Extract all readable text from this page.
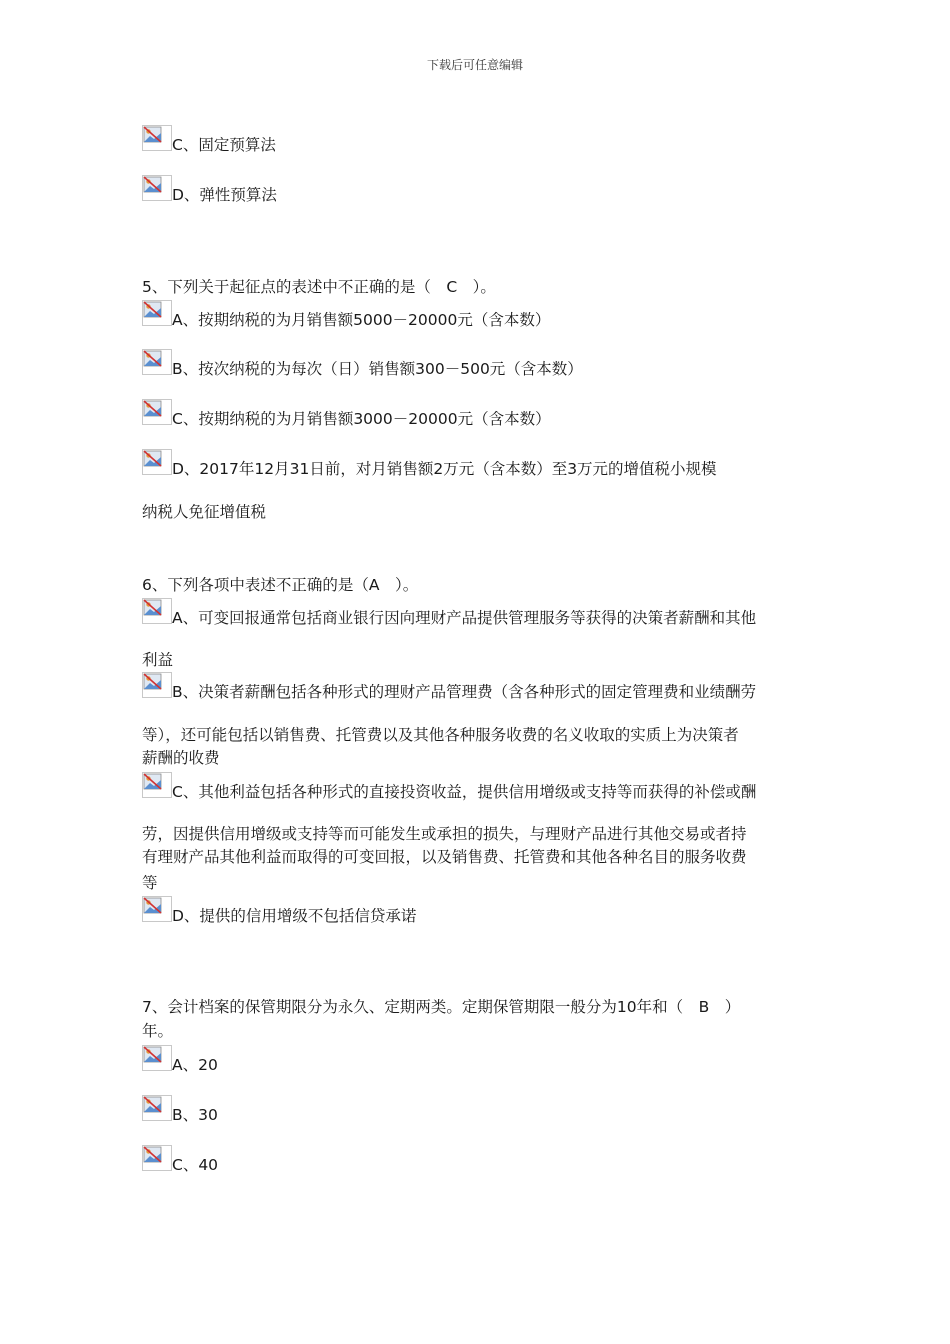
下载后可任意编辑
C、固定预算法
D、弹性预算法
5、下列关于起征点的表述中不正确的是（　C　）。
A、按期纳税的为月销售额5000－20000元（含本数）
B、按次纳税的为每次（日）销售额300－500元（含本数）
C、按期纳税的为月销售额3000－20000元（含本数）
D、2017年12月31日前，对月销售额2万元（含本数）至3万元的增值税小规模
纳税人免征增值税
6、下列各项中表述不正确的是（A　）。
A、可变回报通常包括商业银行因向理财产品提供管理服务等获得的决策者薪酬和其他
利益
B、决策者薪酬包括各种形式的理财产品管理费（含各种形式的固定管理费和业绩酬劳
等），还可能包括以销售费、托管费以及其他各种服务收费的名义收取的实质上为决策者
薪酬的收费
C、其他利益包括各种形式的直接投资收益，提供信用增级或支持等而获得的补偿或酬
劳，因提供信用增级或支持等而可能发生或承担的损失，与理财产品进行其他交易或者持
有理财产品其他利益而取得的可变回报，以及销售费、托管费和其他各种名目的服务收费
等
D、提供的信用增级不包括信贷承诺
7、会计档案的保管期限分为永久、定期两类。定期保管期限一般分为10年和（　B　）
年。
A、20
B、30
C、40
